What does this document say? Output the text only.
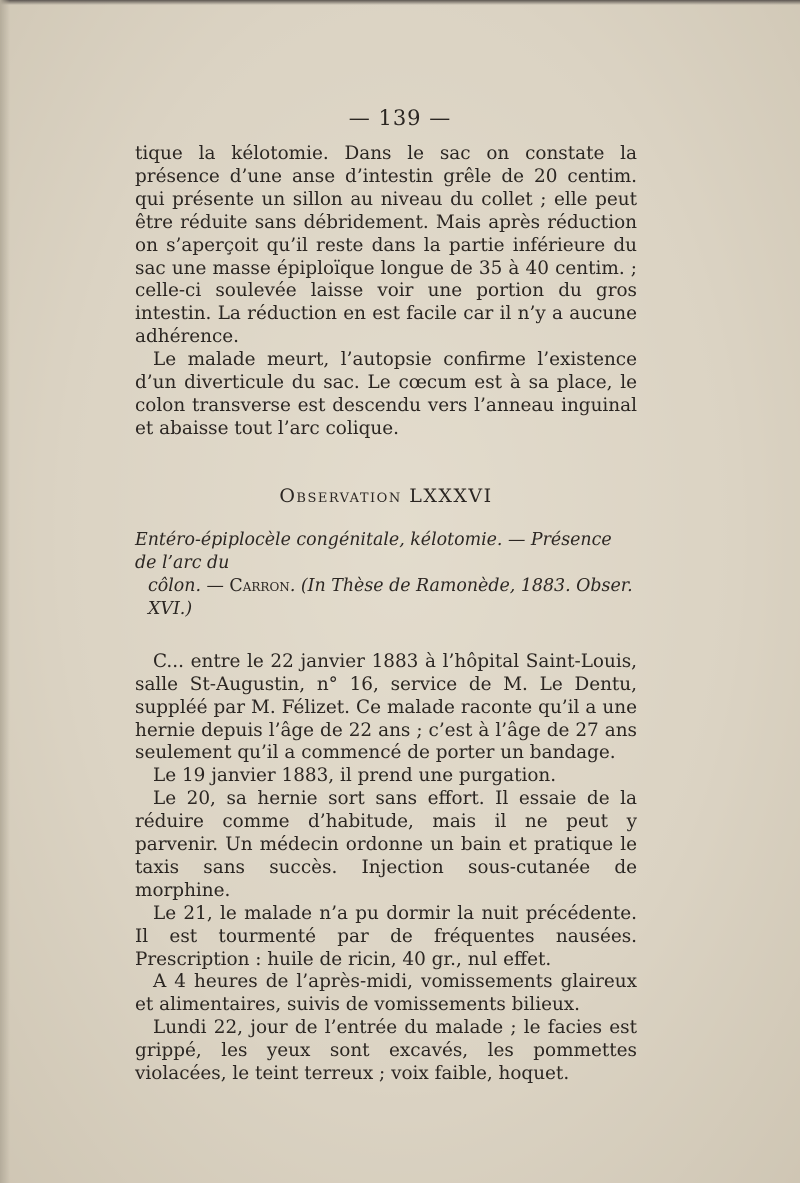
— 139 —

tique la kélotomie. Dans le sac on constate la présence d’une anse d’intestin grêle de 20 centim. qui présente un sillon au niveau du collet ; elle peut être réduite sans débridement. Mais après réduction on s’aperçoit qu’il reste dans la partie inférieure du sac une masse épiploïque longue de 35 à 40 centim. ; celle-ci soulevée laisse voir une portion du gros intestin. La réduction en est facile car il n’y a aucune adhérence.

Le malade meurt, l’autopsie confirme l’existence d’un diverticule du sac. Le cœcum est à sa place, le colon transverse est descendu vers l’anneau inguinal et abaisse tout l’arc colique.

Observation LXXXVI

Entéro-épiplocèle congénitale, kélotomie. — Présence de l’arc du
côlon. — Carron. (In Thèse de Ramonède, 1883. Obser. XVI.)

C... entre le 22 janvier 1883 à l’hôpital Saint-Louis, salle St-Augustin, n° 16, service de M. Le Dentu, suppléé par M. Félizet. Ce malade raconte qu’il a une hernie depuis l’âge de 22 ans ; c’est à l’âge de 27 ans seulement qu’il a commencé de porter un bandage.

Le 19 janvier 1883, il prend une purgation.

Le 20, sa hernie sort sans effort. Il essaie de la réduire comme d’habitude, mais il ne peut y parvenir. Un médecin ordonne un bain et pratique le taxis sans succès. Injection sous-cutanée de morphine.

Le 21, le malade n’a pu dormir la nuit précédente. Il est tourmenté par de fréquentes nausées. Prescription : huile de ricin, 40 gr., nul effet.

A 4 heures de l’après-midi, vomissements glaireux et alimentaires, suivis de vomissements bilieux.

Lundi 22, jour de l’entrée du malade ; le facies est grippé, les yeux sont excavés, les pommettes violacées, le teint terreux ; voix faible, hoquet.
